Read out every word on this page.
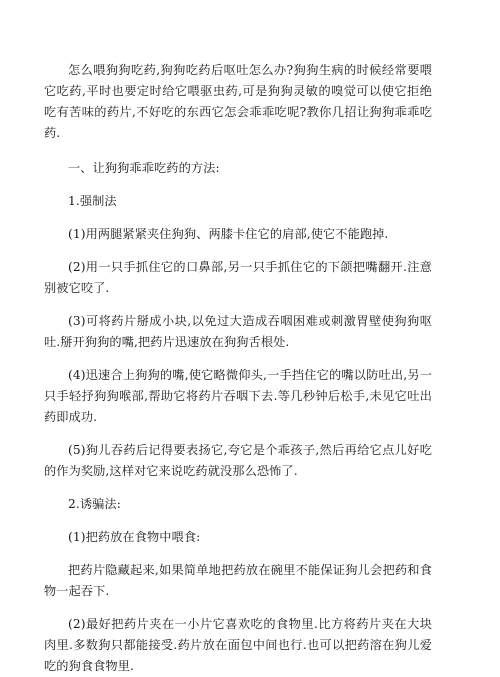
怎么喂狗狗吃药,狗狗吃药后呕吐怎么办?狗狗生病的时候经常要喂它吃药,平时也要定时给它喂驱虫药,可是狗狗灵敏的嗅觉可以使它拒绝吃有苦味的药片,不好吃的东西它怎会乖乖吃呢?教你几招让狗狗乖乖吃药.

一、让狗狗乖乖吃药的方法:

1.强制法

(1)用两腿紧紧夹住狗狗、两膝卡住它的肩部,使它不能跑掉.

(2)用一只手抓住它的口鼻部,另一只手抓住它的下颌把嘴翻开.注意别被它咬了.

(3)可将药片掰成小块,以免过大造成吞咽困难或刺激胃壁使狗狗呕吐.掰开狗狗的嘴,把药片迅速放在狗狗舌根处.

(4)迅速合上狗狗的嘴,使它略微仰头,一手挡住它的嘴以防吐出,另一只手轻抒狗狗喉部,帮助它将药片吞咽下去.等几秒钟后松手,未见它吐出药即成功.

(5)狗儿吞药后记得要表扬它,夸它是个乖孩子,然后再给它点儿好吃的作为奖励,这样对它来说吃药就没那么恐怖了.

2.诱骗法:

(1)把药放在食物中喂食:

把药片隐藏起来,如果简单地把药放在碗里不能保证狗儿会把药和食物一起吞下.

(2)最好把药片夹在一小片它喜欢吃的食物里.比方将药片夹在大块肉里.多数狗只都能接受.药片放在面包中间也行.也可以把药溶在狗儿爱吃的狗食食物里.
